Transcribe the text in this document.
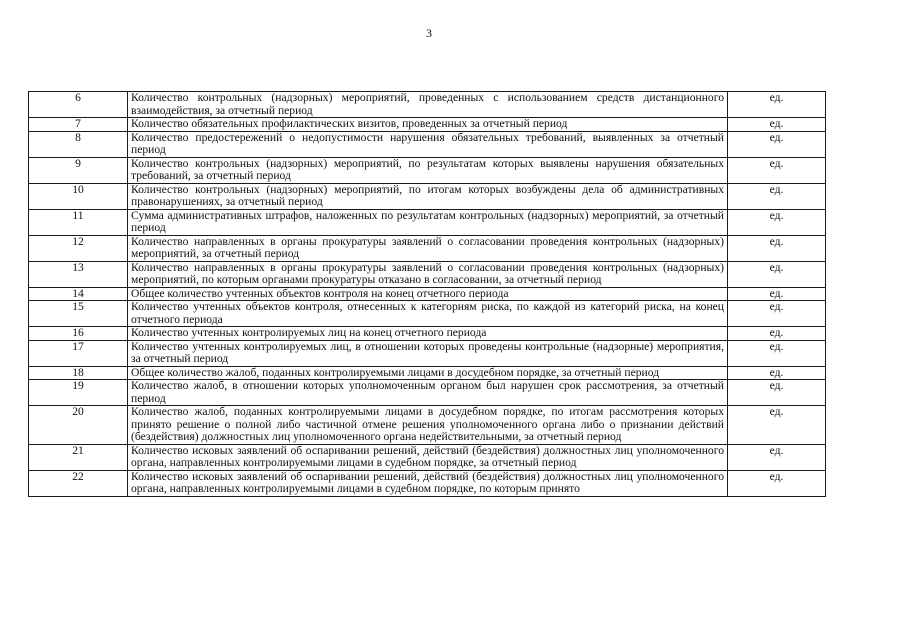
3
6	Количество контрольных (надзорных) мероприятий, проведенных с использованием средств дистанционного взаимодействия, за отчетный период	ед.
7	Количество обязательных профилактических визитов, проведенных за отчетный период	ед.
8	Количество предостережений о недопустимости нарушения обязательных требований, выявленных за отчетный период	ед.
9	Количество контрольных (надзорных) мероприятий, по результатам которых выявлены нарушения обязательных требований, за отчетный период	ед.
10	Количество контрольных (надзорных) мероприятий, по итогам которых возбуждены дела об административных правонарушениях, за отчетный период	ед.
11	Сумма административных штрафов, наложенных по результатам контрольных (надзорных) мероприятий, за отчетный период	ед.
12	Количество направленных в органы прокуратуры заявлений о согласовании проведения контрольных (надзорных) мероприятий, за отчетный период	ед.
13	Количество направленных в органы прокуратуры заявлений о согласовании проведения контрольных (надзорных) мероприятий, по которым органами прокуратуры отказано в согласовании, за отчетный период	ед.
14	Общее количество учтенных объектов контроля на конец отчетного периода	ед.
15	Количество учтенных объектов контроля, отнесенных к категориям риска, по каждой из категорий риска, на конец отчетного периода	ед.
16	Количество учтенных контролируемых лиц на конец отчетного периода	ед.
17	Количество учтенных контролируемых лиц, в отношении которых проведены контрольные (надзорные) мероприятия, за отчетный период	ед.
18	Общее количество жалоб, поданных контролируемыми лицами в досудебном порядке, за отчетный период	ед.
19	Количество жалоб, в отношении которых уполномоченным органом был нарушен срок рассмотрения, за отчетный период	ед.
20	Количество жалоб, поданных контролируемыми лицами в досудебном порядке, по итогам рассмотрения которых принято решение о полной либо частичной отмене решения уполномоченного органа либо о признании действий (бездействия) должностных лиц уполномоченного органа недействительными, за отчетный период	ед.
21	Количество исковых заявлений об оспаривании решений, действий (бездействия) должностных лиц уполномоченного органа, направленных контролируемыми лицами в судебном порядке, за отчетный период	ед.
22	Количество исковых заявлений об оспаривании решений, действий (бездействия) должностных лиц уполномоченного органа, направленных контролируемыми лицами в судебном порядке, по которым принято	ед.
